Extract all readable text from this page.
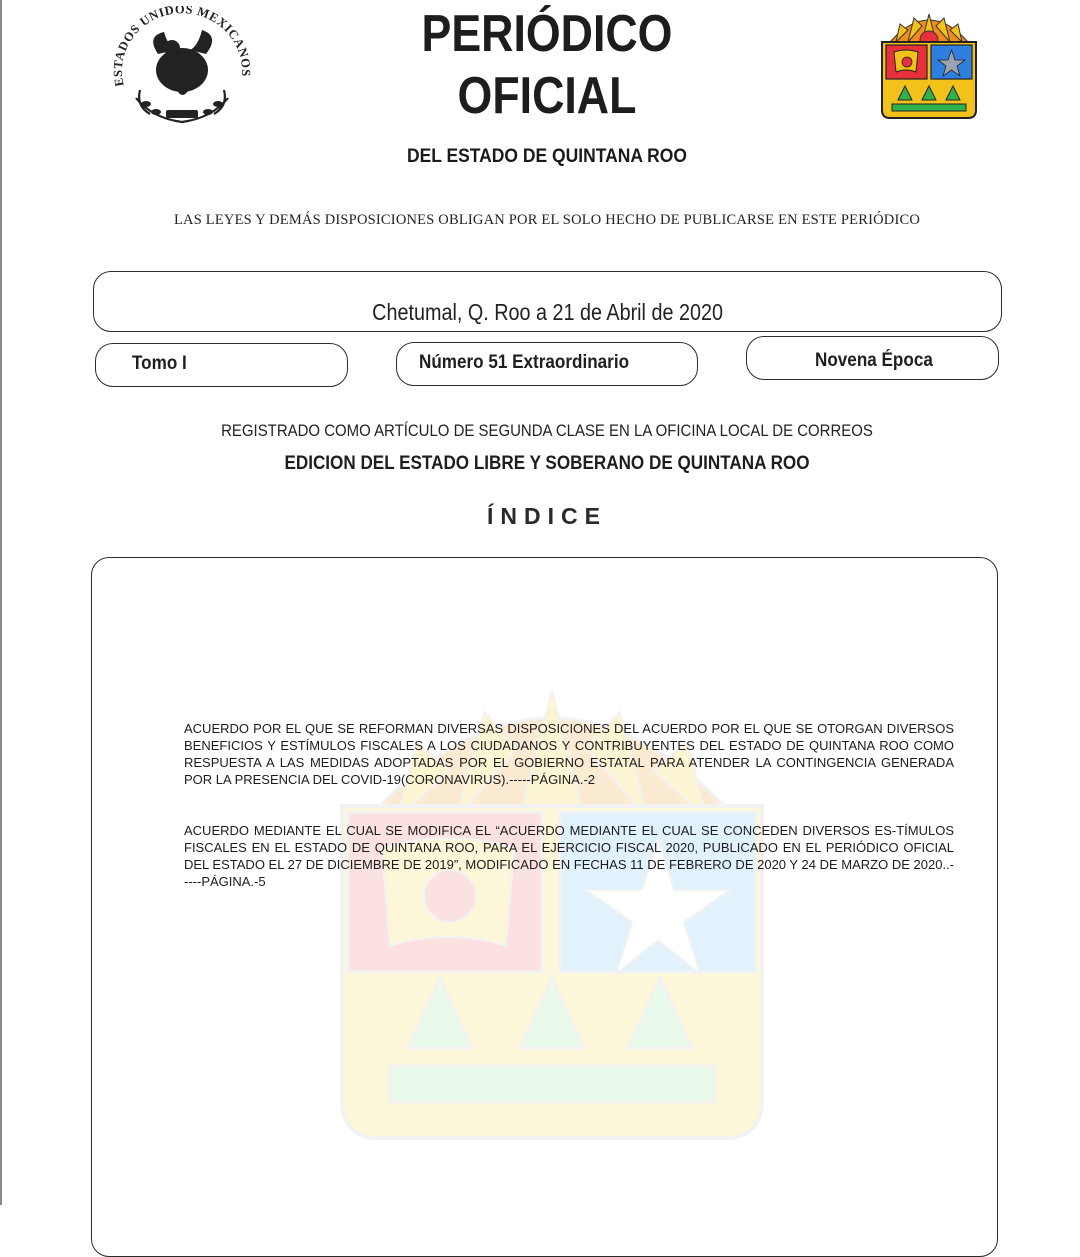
ESTADOS UNIDOS MEXICANOS
PERIÓDICO
OFICIAL
DEL ESTADO DE QUINTANA ROO
LAS LEYES Y DEMÁS DISPOSICIONES OBLIGAN POR EL SOLO HECHO DE PUBLICARSE EN ESTE PERIÓDICO
Chetumal, Q. Roo a 21 de Abril de 2020
Tomo I	Número 51 Extraordinario	Novena Época
REGISTRADO COMO ARTÍCULO DE SEGUNDA CLASE EN LA OFICINA LOCAL DE CORREOS
EDICION DEL ESTADO LIBRE Y SOBERANO DE QUINTANA ROO
ÍNDICE
ACUERDO POR EL QUE SE REFORMAN DIVERSAS DISPOSICIONES DEL ACUERDO POR EL QUE SE OTORGAN DIVERSOS BENEFICIOS Y ESTÍMULOS FISCALES A LOS CIUDADANOS Y CONTRIBUYENTES DEL ESTADO DE QUINTANA ROO COMO RESPUESTA A LAS MEDIDAS ADOPTADAS POR EL GOBIERNO ESTATAL PARA ATENDER LA CONTINGENCIA GENERADA POR LA PRESENCIA DEL COVID-19(CORONAVIRUS).-----PÁGINA.-2
ACUERDO MEDIANTE EL CUAL SE MODIFICA EL “ACUERDO MEDIANTE EL CUAL SE CONCEDEN DIVERSOS ES-TÍMULOS FISCALES EN EL ESTADO DE QUINTANA ROO, PARA EL EJERCICIO FISCAL 2020, PUBLICADO EN EL PERIÓDICO OFICIAL DEL ESTADO EL 27 DE DICIEMBRE DE 2019”, MODIFICADO EN FECHAS 11 DE FEBRERO DE 2020 Y 24 DE MARZO DE 2020..-----PÁGINA.-5
